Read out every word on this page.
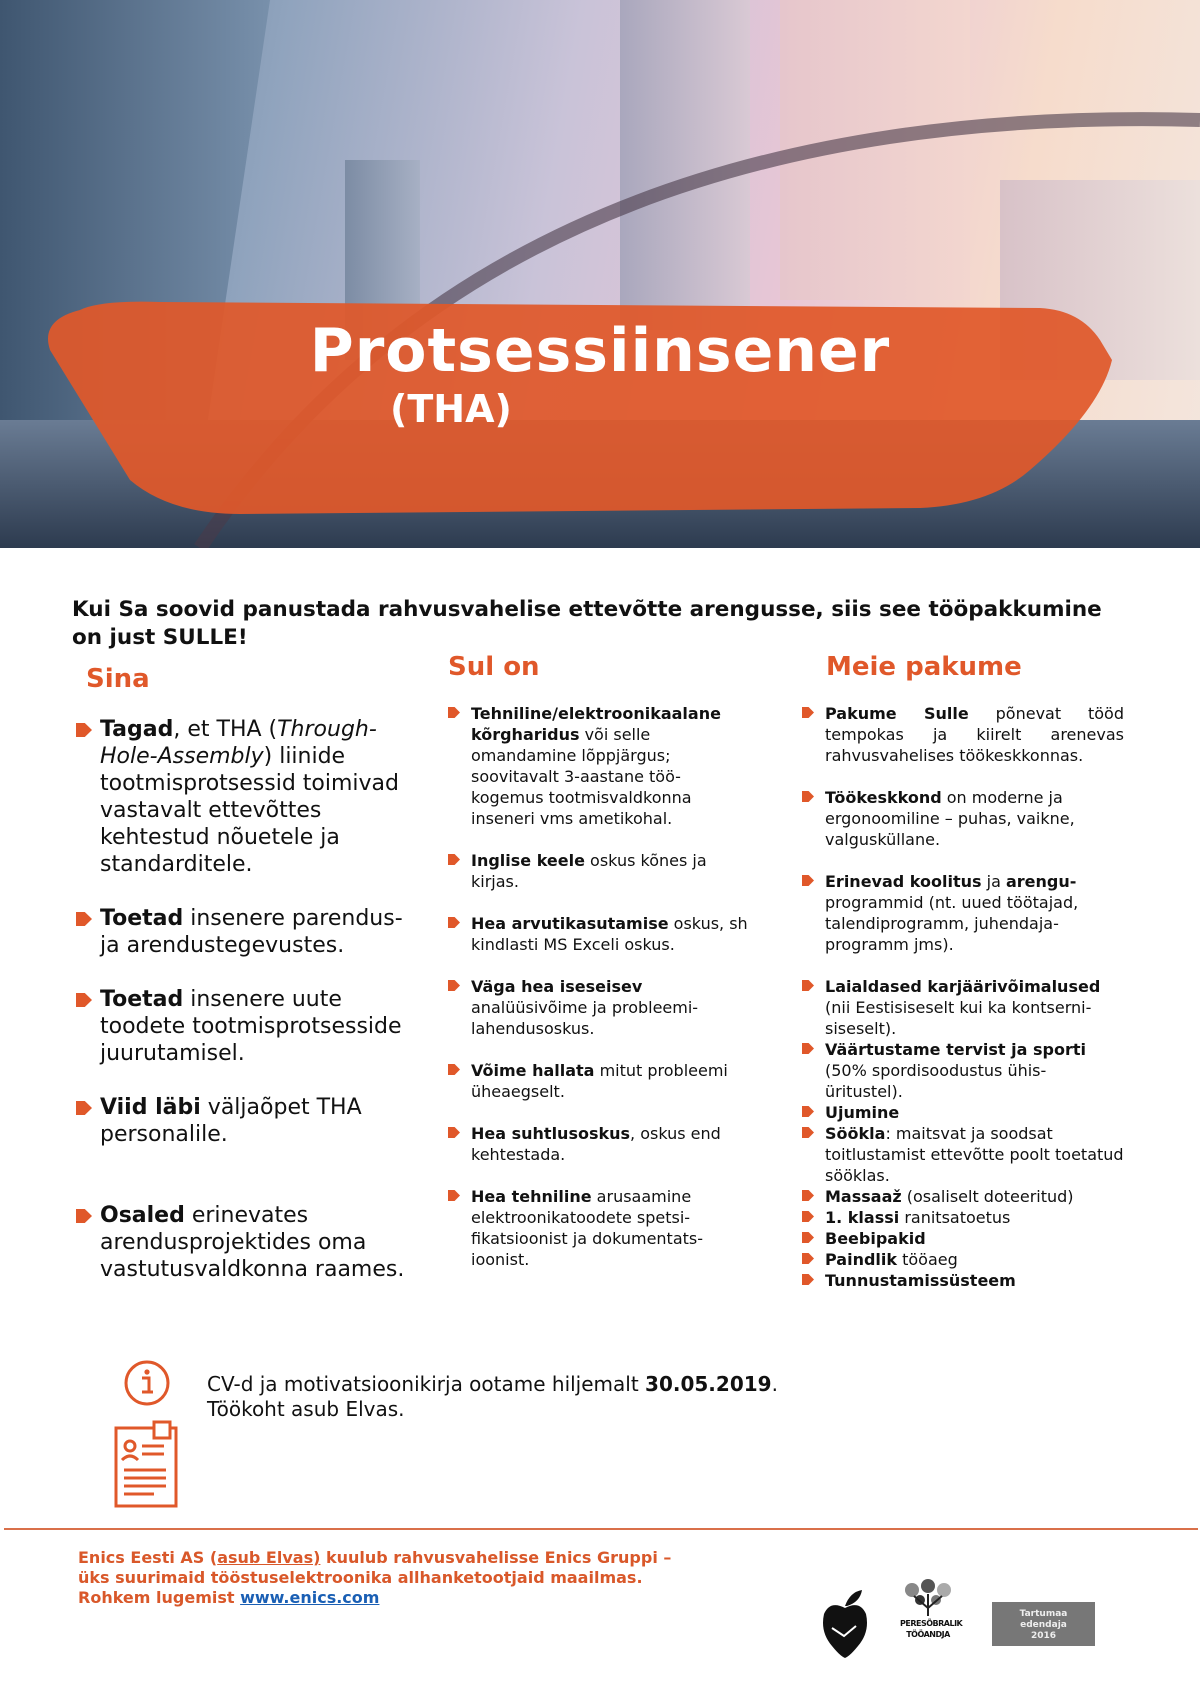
Protsessiinsener
(THA)
Kui Sa soovid panustada rahvusvahelise ettevõtte arengusse, siis see tööpakkumine on just SULLE!
Sina	Sul on	Meie pakume
Tagad, et THA (Through-Hole-Assembly) liinide tootmisprotsessid toimivad vastavalt ettevõttes kehtestud nõuetele ja standarditele.
Toetad insenere parendus- ja arendustegevustes.
Toetad insenere uute toodete tootmisprotsesside juurutamisel.
Viid läbi väljaõpet THA personalile.
Osaled erinevates arendusprojektides oma vastutusvaldkonna raames.
Tehniline/elektroonikaalane kõrgharidus või selle omandamine lõppjärgus; soovitavalt 3-aastane töö-kogemus tootmisvaldkonna inseneri vms ametikohal.
Inglise keele oskus kõnes ja kirjas.
Hea arvutikasutamise oskus, sh kindlasti MS Exceli oskus.
Väga hea iseseisev analüüsivõime ja probleemi-lahendusoskus.
Võime hallata mitut probleemi üheaegselt.
Hea suhtlusoskus, oskus end kehtestada.
Hea tehniline arusaamine elektroonikatoodete spetsi-fikatsioonist ja dokumentats-ioonist.
Pakume Sulle põnevat tööd tempokas ja kiirelt arenevas rahvusvahelises töökeskkonnas.
Töökeskkond on moderne ja ergonoomiline – puhas, vaikne, valgusküllane.
Erinevad koolitus ja arengu-programmid (nt. uued töötajad, talendiprogramm, juhendaja-programm jms).
Laialdased karjäärivõimalused (nii Eestisiseselt kui ka kontserni-siseselt).
Väärtustame tervist ja sporti (50% spordisoodustus ühis-üritustel).
Ujumine
Söökla: maitsvat ja soodsat toitlustamist ettevõtte poolt toetatud sööklas.
Massaaž (osaliselt doteeritud)
1. klassi ranitsatoetus
Beebipakid
Paindlik tööaeg
Tunnustamissüsteem
CV-d ja motivatsioonikirja ootame hiljemalt 30.05.2019.
Töökoht asub Elvas.
Enics Eesti AS (asub Elvas) kuulub rahvusvahelisse Enics Gruppi –
üks suurimaid tööstuselektroonika allhanketootjaid maailmas.
Rohkem lugemist www.enics.com
PERESÕBRALIK TÖÖANDJA
Tartumaa edendaja 2016
